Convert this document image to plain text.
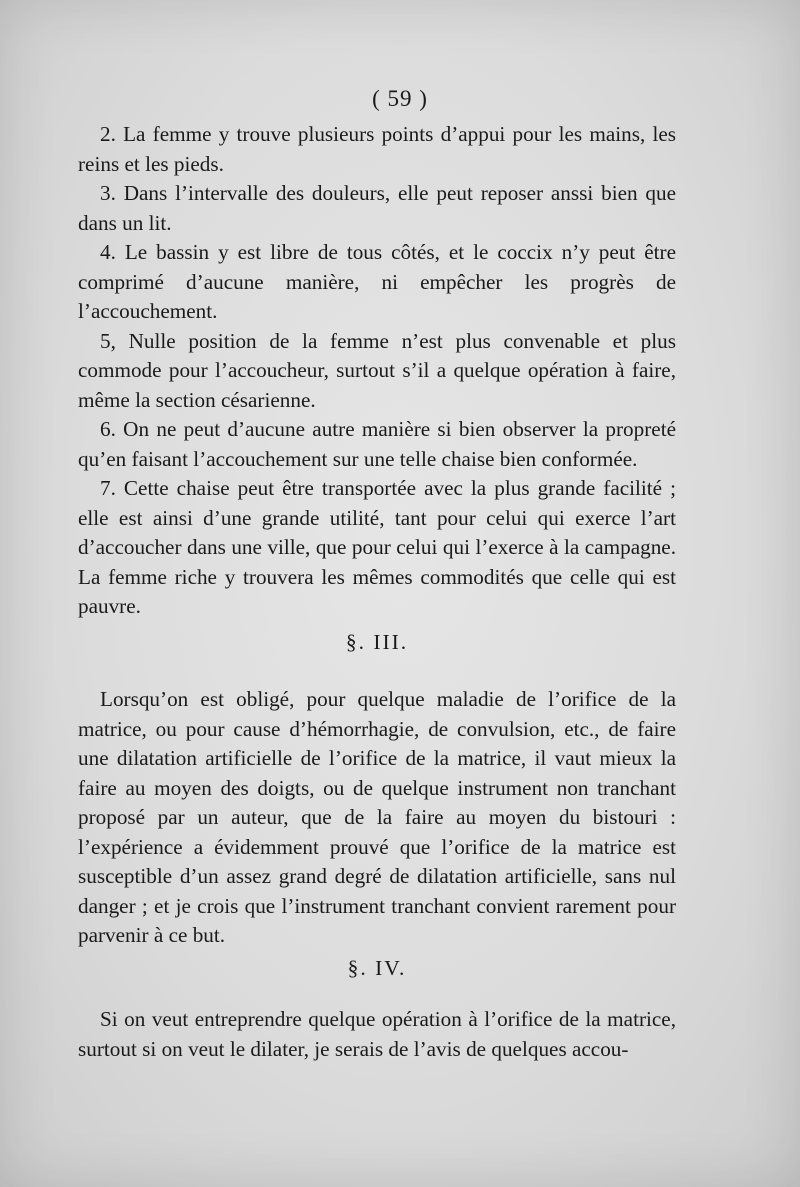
( 59 )

2. La femme y trouve plusieurs points d’appui pour les mains, les reins et les pieds.

3. Dans l’intervalle des douleurs, elle peut reposer anssi bien que dans un lit.

4. Le bassin y est libre de tous côtés, et le coccix n’y peut être comprimé d’aucune manière, ni empêcher les progrès de l’accouchement.

5, Nulle position de la femme n’est plus convenable et plus commode pour l’accoucheur, surtout s’il a quelque opération à faire, même la section césarienne.

6. On ne peut d’aucune autre manière si bien observer la propreté qu’en faisant l’accouchement sur une telle chaise bien conformée.

7. Cette chaise peut être transportée avec la plus grande facilité ; elle est ainsi d’une grande utilité, tant pour celui qui exerce l’art d’accoucher dans une ville, que pour celui qui l’exerce à la campagne. La femme riche y trouvera les mêmes commodités que celle qui est pauvre.

§. III.

Lorsqu’on est obligé, pour quelque maladie de l’orifice de la matrice, ou pour cause d’hémorrhagie, de convulsion, etc., de faire une dilatation artificielle de l’orifice de la matrice, il vaut mieux la faire au moyen des doigts, ou de quelque instrument non tranchant proposé par un auteur, que de la faire au moyen du bistouri : l’expérience a évidemment prouvé que l’orifice de la matrice est susceptible d’un assez grand degré de dilatation artificielle, sans nul danger ; et je crois que l’instrument tranchant convient rarement pour parvenir à ce but.

§. IV.

Si on veut entreprendre quelque opération à l’orifice de la matrice, surtout si on veut le dilater, je serais de l’avis de quelques accou-
